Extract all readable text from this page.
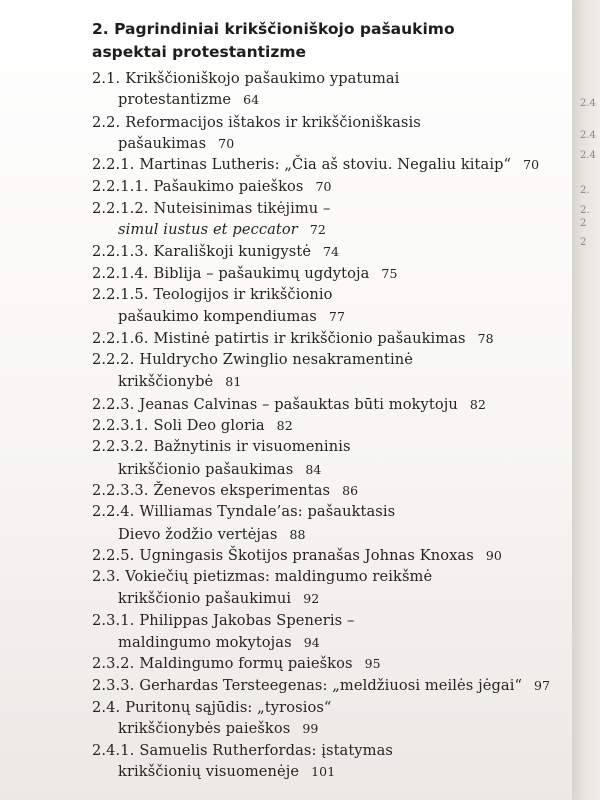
2. Pagrindiniai krikščioniškojo pašaukimo
aspektai protestantizme
2.1. Krikščioniškojo pašaukimo ypatumai
protestantizme 64
2.2. Reformacijos ištakos ir krikščioniškasis
pašaukimas 70
2.2.1. Martinas Lutheris: „Čia aš stoviu. Negaliu kitaip“ 70
2.2.1.1. Pašaukimo paieškos 70
2.2.1.2. Nuteisinimas tikėjimu –
simul iustus et peccator 72
2.2.1.3. Karališkoji kunigystė 74
2.2.1.4. Biblija – pašaukimų ugdytoja 75
2.2.1.5. Teologijos ir krikščionio
pašaukimo kompendiumas 77
2.2.1.6. Mistinė patirtis ir krikščionio pašaukimas 78
2.2.2. Huldrycho Zwinglio nesakramentinė
krikščionybė 81
2.2.3. Jeanas Calvinas – pašauktas būti mokytoju 82
2.2.3.1. Soli Deo gloria 82
2.2.3.2. Bažnytinis ir visuomeninis
krikščionio pašaukimas 84
2.2.3.3. Ženevos eksperimentas 86
2.2.4. Williamas Tyndale’as: pašauktasis
Dievo žodžio vertėjas 88
2.2.5. Ugningasis Škotijos pranašas Johnas Knoxas 90
2.3. Vokiečių pietizmas: maldingumo reikšmė
krikščionio pašaukimui 92
2.3.1. Philippas Jakobas Speneris –
maldingumo mokytojas 94
2.3.2. Maldingumo formų paieškos 95
2.3.3. Gerhardas Tersteegenas: „meldžiuosi meilės jėgai“ 97
2.4. Puritonų sąjūdis: „tyrosios“
krikščionybės paieškos 99
2.4.1. Samuelis Rutherfordas: įstatymas
krikščionių visuomenėje 101
2.4
2.4
2.4
2.
2.
2
2
